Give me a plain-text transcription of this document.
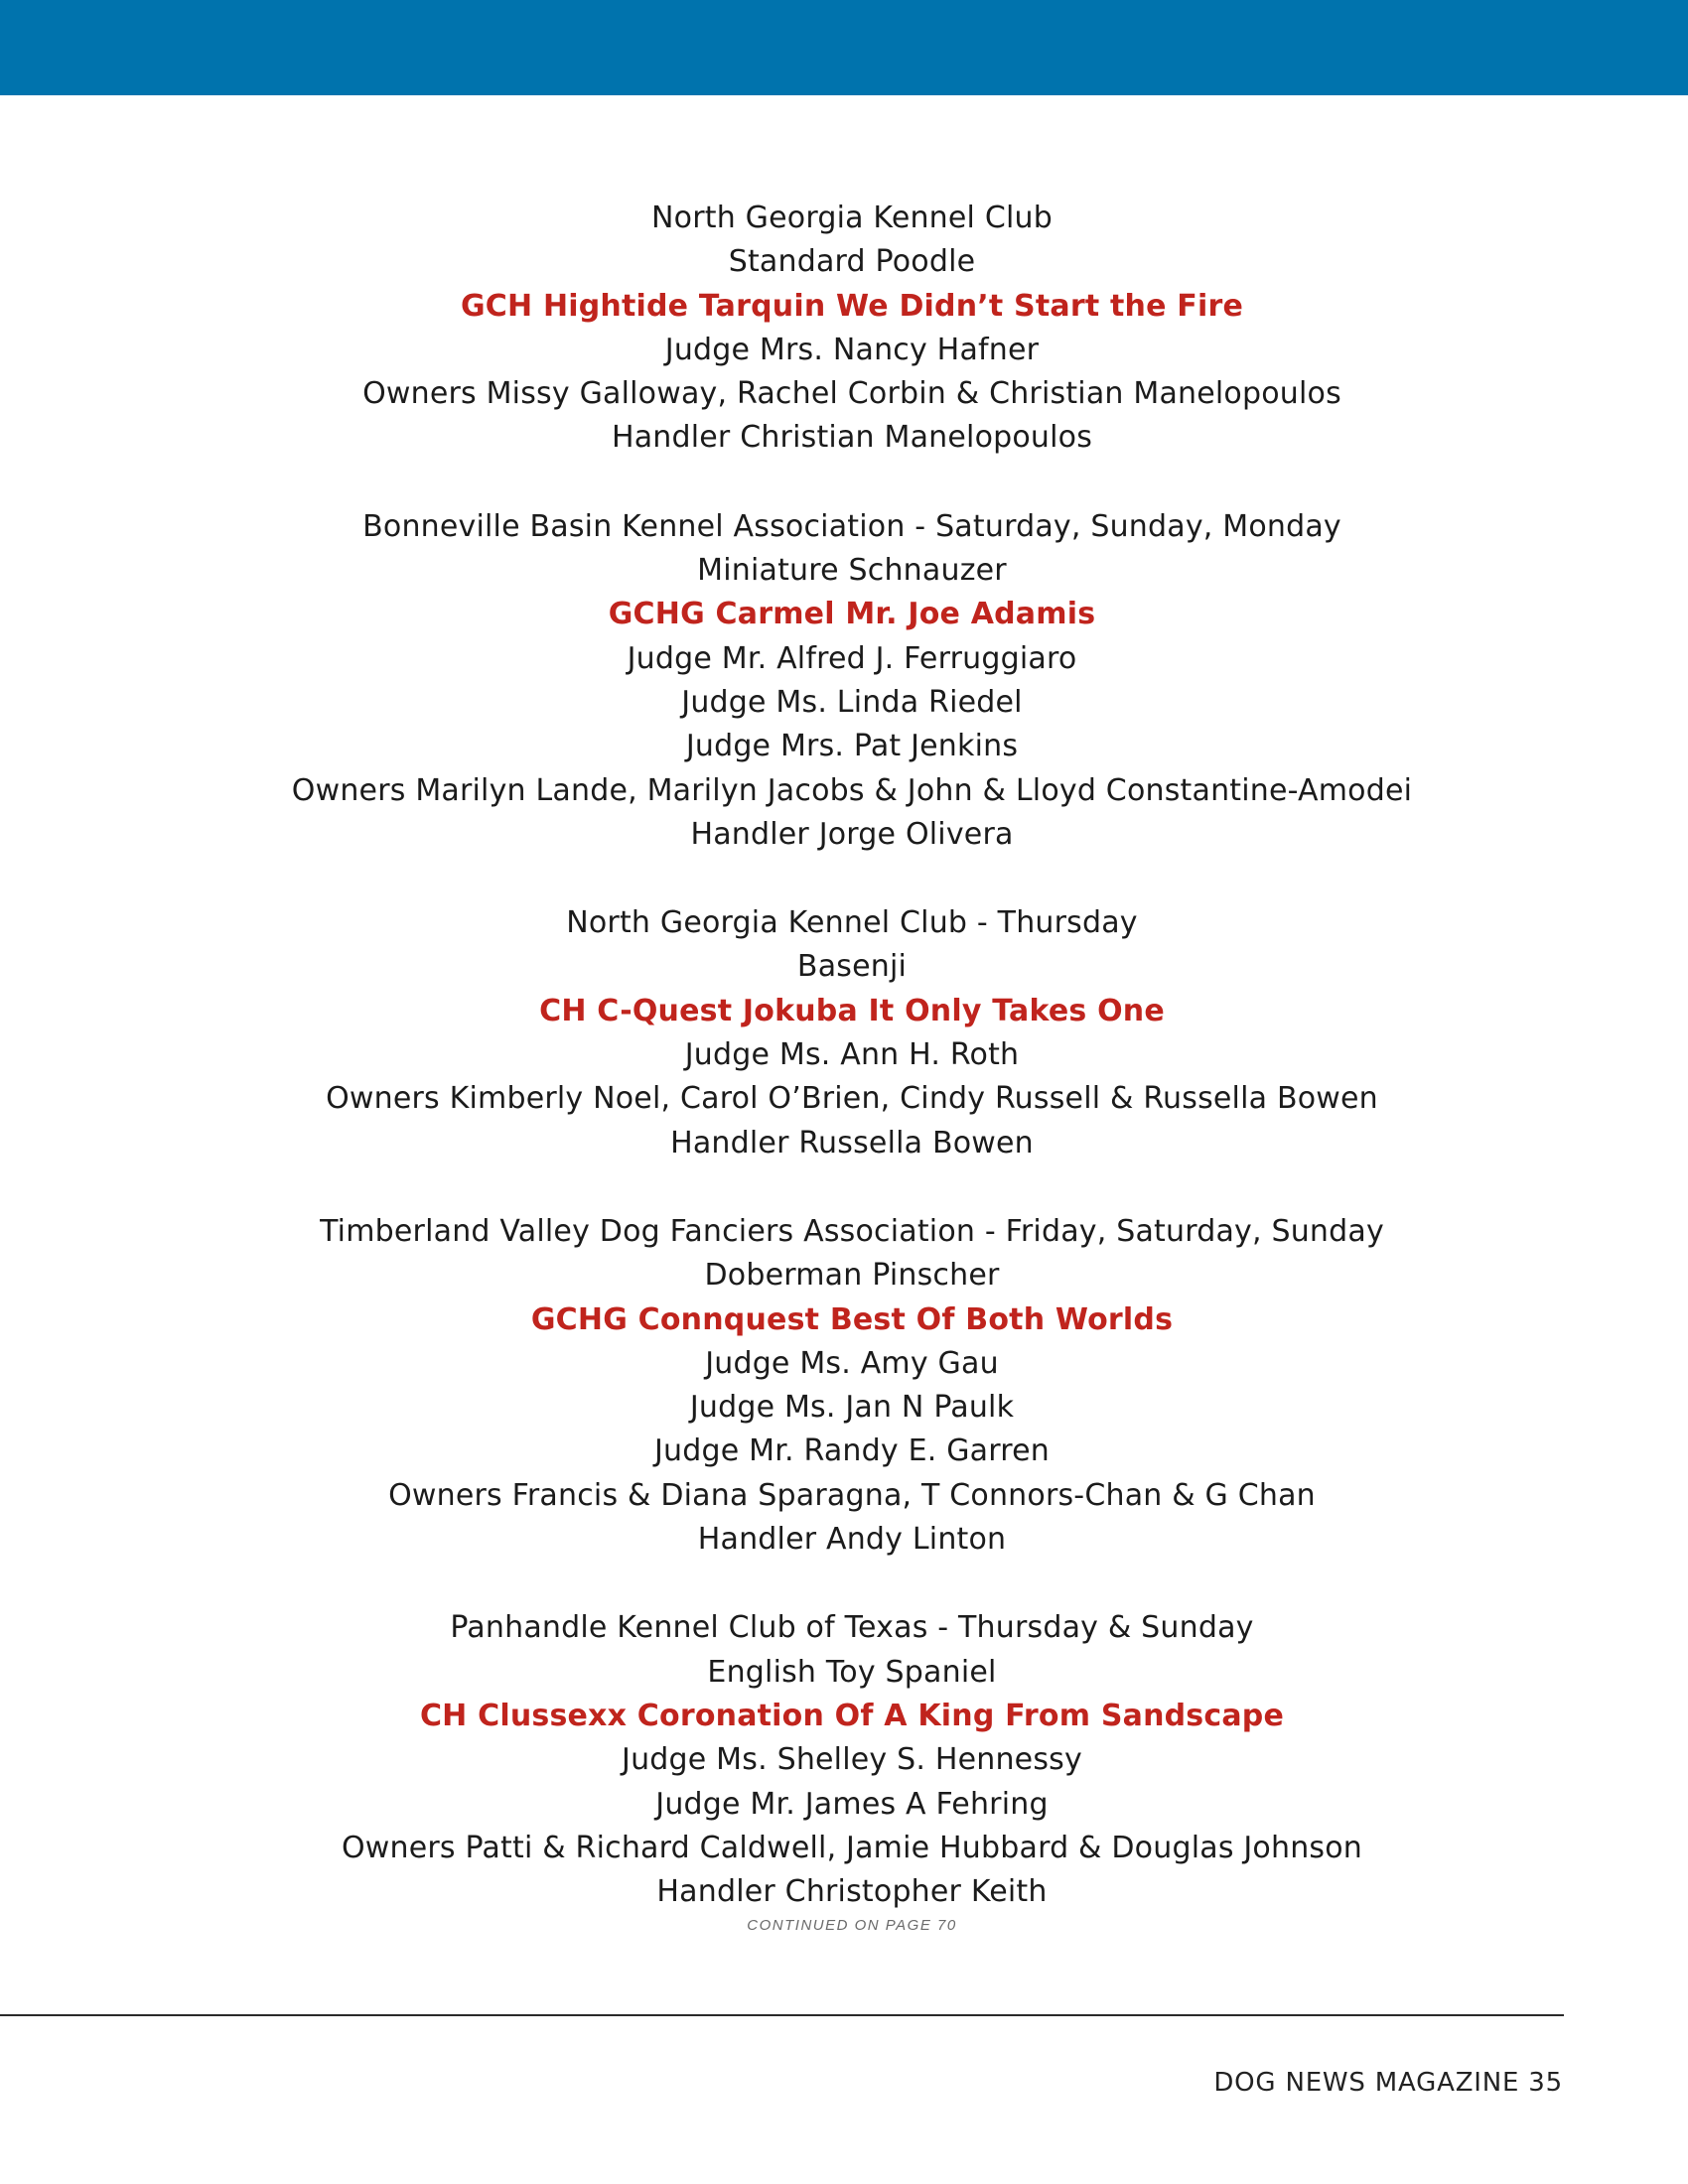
North Georgia Kennel Club
Standard Poodle
GCH Hightide Tarquin We Didn’t Start the Fire
Judge Mrs. Nancy Hafner
Owners Missy Galloway, Rachel Corbin & Christian Manelopoulos
Handler Christian Manelopoulos
Bonneville Basin Kennel Association - Saturday, Sunday, Monday
Miniature Schnauzer
GCHG Carmel Mr. Joe Adamis
Judge Mr. Alfred J. Ferruggiaro
Judge Ms. Linda Riedel
Judge Mrs. Pat Jenkins
Owners Marilyn Lande, Marilyn Jacobs & John & Lloyd Constantine-Amodei
Handler Jorge Olivera
North Georgia Kennel Club - Thursday
Basenji
CH C-Quest Jokuba It Only Takes One
Judge Ms. Ann H. Roth
Owners Kimberly Noel, Carol O’Brien, Cindy Russell & Russella Bowen
Handler Russella Bowen
Timberland Valley Dog Fanciers Association - Friday, Saturday, Sunday
Doberman Pinscher
GCHG Connquest Best Of Both Worlds
Judge Ms. Amy Gau
Judge Ms. Jan N Paulk
Judge Mr. Randy E. Garren
Owners Francis & Diana Sparagna, T Connors-Chan & G Chan
Handler Andy Linton
Panhandle Kennel Club of Texas - Thursday & Sunday
English Toy Spaniel
CH Clussexx Coronation Of A King From Sandscape
Judge Ms. Shelley S. Hennessy
Judge Mr. James A Fehring
Owners Patti & Richard Caldwell, Jamie Hubbard & Douglas Johnson
Handler Christopher Keith
CONTINUED ON PAGE 70
DOG NEWS MAGAZINE 35
